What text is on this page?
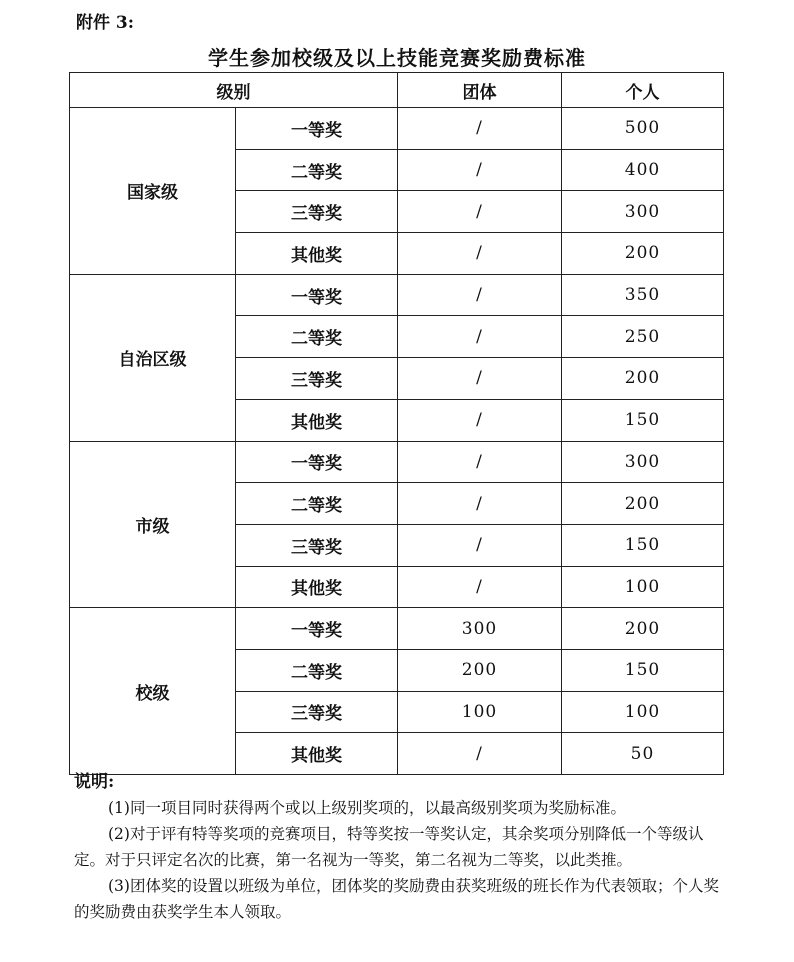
附件 3:
学生参加校级及以上技能竞赛奖励费标准
级别		团体	个人
国家级	一等奖	/	500
	二等奖	/	400
	三等奖	/	300
	其他奖	/	200
自治区级	一等奖	/	350
	二等奖	/	250
	三等奖	/	200
	其他奖	/	150
市级	一等奖	/	300
	二等奖	/	200
	三等奖	/	150
	其他奖	/	100
校级	一等奖	300	200
	二等奖	200	150
	三等奖	100	100
	其他奖	/	50
说明:
(1)同一项目同时获得两个或以上级别奖项的，以最高级别奖项为奖励标准。
(2)对于评有特等奖项的竞赛项目，特等奖按一等奖认定，其余奖项分别降低一个等级认定。对于只评定名次的比赛，第一名视为一等奖，第二名视为二等奖，以此类推。
(3)团体奖的设置以班级为单位，团体奖的奖励费由获奖班级的班长作为代表领取；个人奖的奖励费由获奖学生本人领取。
